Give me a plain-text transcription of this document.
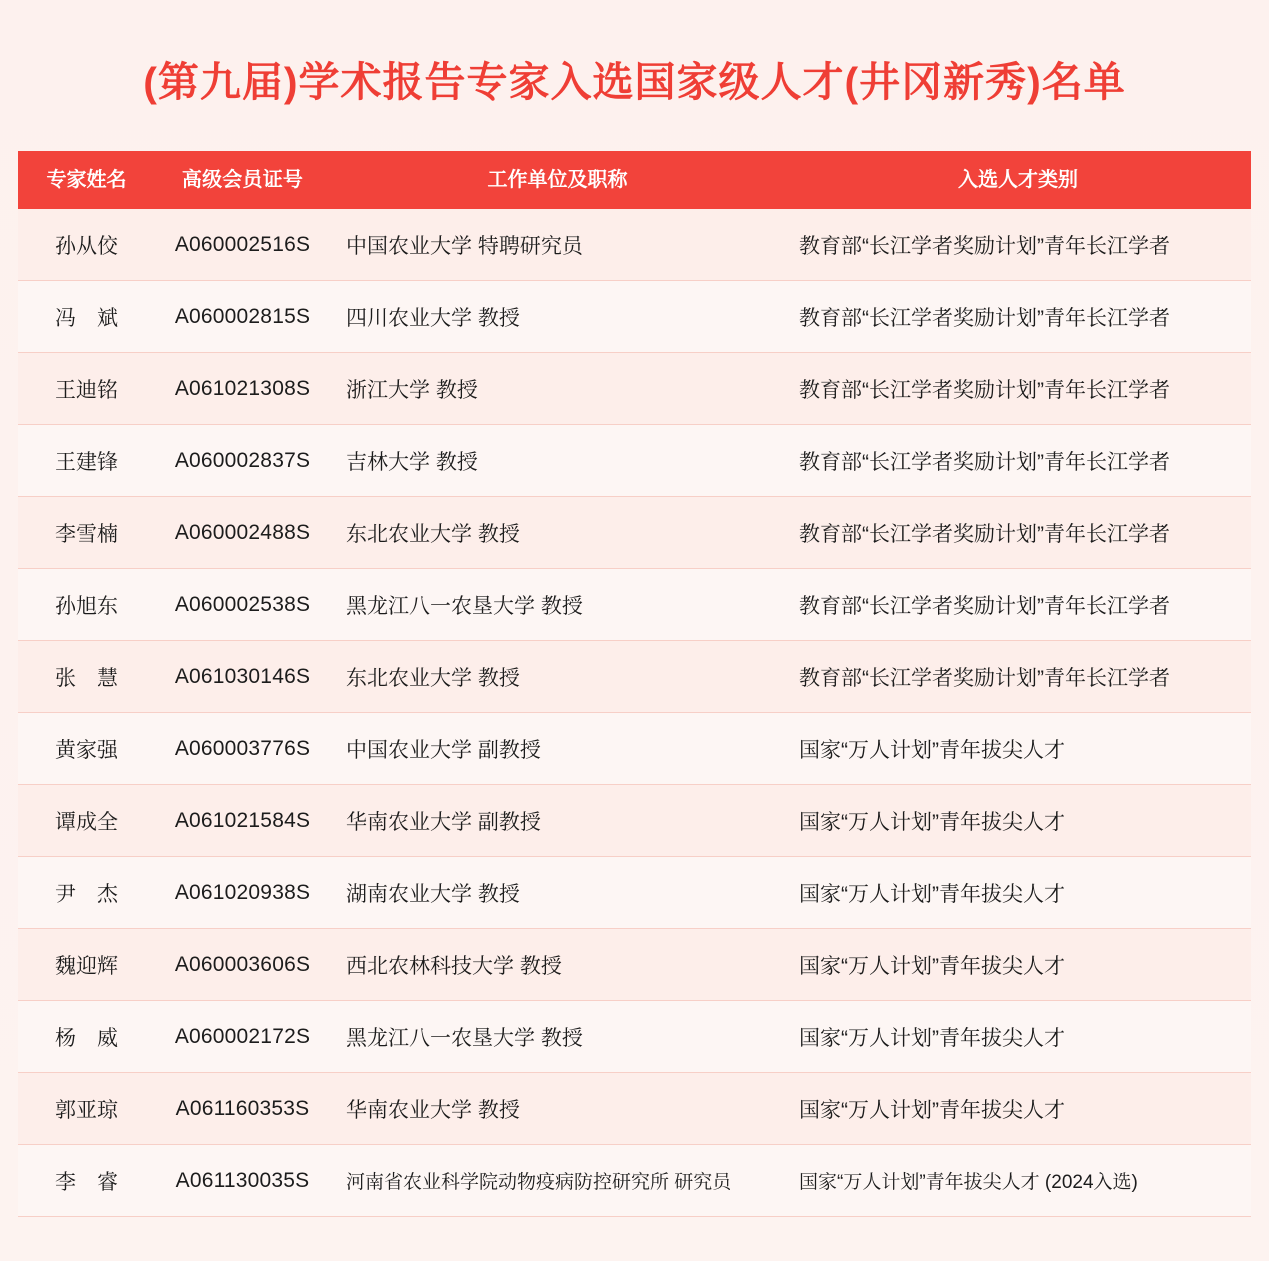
(第九届)学术报告专家入选国家级人才(井冈新秀)名单
专家姓名	高级会员证号	工作单位及职称	入选人才类别
孙从佼	A060002516S	中国农业大学 特聘研究员	教育部“长江学者奖励计划”青年长江学者
冯　斌	A060002815S	四川农业大学 教授	教育部“长江学者奖励计划”青年长江学者
王迪铭	A061021308S	浙江大学 教授	教育部“长江学者奖励计划”青年长江学者
王建锋	A060002837S	吉林大学 教授	教育部“长江学者奖励计划”青年长江学者
李雪楠	A060002488S	东北农业大学 教授	教育部“长江学者奖励计划”青年长江学者
孙旭东	A060002538S	黑龙江八一农垦大学 教授	教育部“长江学者奖励计划”青年长江学者
张　慧	A061030146S	东北农业大学 教授	教育部“长江学者奖励计划”青年长江学者
黄家强	A060003776S	中国农业大学 副教授	国家“万人计划”青年拔尖人才
谭成全	A061021584S	华南农业大学 副教授	国家“万人计划”青年拔尖人才
尹　杰	A061020938S	湖南农业大学 教授	国家“万人计划”青年拔尖人才
魏迎辉	A060003606S	西北农林科技大学 教授	国家“万人计划”青年拔尖人才
杨　威	A060002172S	黑龙江八一农垦大学 教授	国家“万人计划”青年拔尖人才
郭亚琼	A061160353S	华南农业大学 教授	国家“万人计划”青年拔尖人才
李　睿	A061130035S	河南省农业科学院动物疫病防控研究所 研究员	国家“万人计划”青年拔尖人才 (2024入选)
